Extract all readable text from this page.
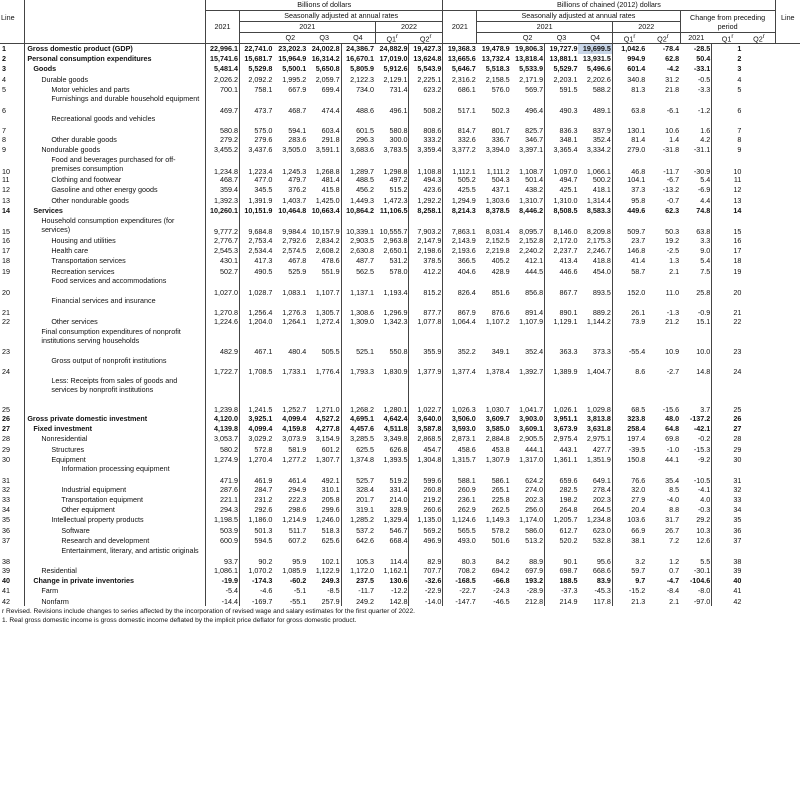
Line		Billions of dollars							Billions of chained (2012) dollars										Line
		2021	Seasonally adjusted at annual rates						2021	Seasonally adjusted at annual rates						Change from preceding period			
			2021				2022			2021				2022					
				Q2	Q3	Q4	Q1$^r$	Q2$^r$			Q2	Q3	Q4	Q1$^r$	Q2$^r$	2021	Q1$^r$	Q2$^r$
1	Gross domestic product (GDP)	22,996.1	22,741.0	23,202.3	24,002.8	24,386.7	24,882.9	19,427.3	19,368.3	19,478.9	19,806.3	19,727.9	19,699.5	1,042.6	-78.4	-28.5	1		
2	Personal consumption expenditures	15,741.6	15,681.7	15,964.9	16,314.2	16,670.1	17,019.0	13,624.8	13,665.6	13,732.4	13,818.4	13,881.1	13,931.5	994.9	62.8	50.4	2		
3	Goods	5,481.4	5,529.8	5,500.1	5,650.8	5,805.9	5,912.6	5,543.9	5,646.7	5,518.3	5,533.9	5,529.7	5,496.6	601.4	-4.2	-33.1	3		
4	Durable goods	2,026.2	2,092.2	1,995.2	2,059.7	2,122.3	2,129.1	2,225.1	2,316.2	2,158.5	2,171.9	2,203.1	2,202.6	340.8	31.2	-0.5	4		
5	Motor vehicles and parts	700.1	758.1	667.9	699.4	734.0	731.4	623.2	686.1	576.0	569.7	591.5	588.2	81.3	21.8	-3.3	5		
6	Furnishings and durable household equipment	469.7	473.7	468.7	474.4	488.6	496.1	508.2	517.1	502.3	496.4	490.3	489.1	63.8	-6.1	-1.2	6		
7	Recreational goods and vehicles	580.8	575.0	594.1	603.4	601.5	580.8	808.6	814.7	801.7	825.7	836.3	837.9	130.1	10.6	1.6	7		
8	Other durable goods	279.2	279.6	283.6	291.8	296.3	300.0	333.2	332.6	336.7	346.7	348.1	352.4	81.4	1.4	4.2	8		
9	Nondurable goods	3,455.2	3,437.6	3,505.0	3,591.1	3,683.6	3,783.5	3,359.4	3,377.2	3,394.0	3,397.1	3,365.4	3,334.2	279.0	-31.8	-31.1	9		
10	Food and beverages purchased for off-premises consumption	1,234.8	1,223.4	1,245.3	1,268.8	1,289.7	1,298.8	1,108.8	1,112.1	1,111.2	1,108.7	1,097.0	1,066.1	46.8	-11.7	-30.9	10		
11	Clothing and footwear	468.7	477.0	479.7	481.4	488.5	497.2	494.3	505.2	504.3	501.4	494.7	500.2	104.1	-6.7	5.4	11		
12	Gasoline and other energy goods	359.4	345.5	376.2	415.8	456.2	515.2	423.6	425.5	437.1	438.2	425.1	418.1	37.3	-13.2	-6.9	12		
13	Other nondurable goods	1,392.3	1,391.9	1,403.7	1,425.0	1,449.3	1,472.3	1,292.2	1,294.9	1,303.6	1,310.7	1,310.0	1,314.4	95.8	-0.7	4.4	13		
14	Services	10,260.1	10,151.9	10,464.8	10,663.4	10,864.2	11,106.5	8,258.1	8,214.3	8,378.5	8,446.2	8,508.5	8,583.3	449.6	62.3	74.8	14		
15	Household consumption expenditures (for services)	9,777.2	9,684.8	9,984.4	10,157.9	10,339.1	10,555.7	7,903.2	7,863.1	8,031.4	8,095.7	8,146.0	8,209.8	509.7	50.3	63.8	15		
16	Housing and utilities	2,776.7	2,753.4	2,792.6	2,834.2	2,903.5	2,963.8	2,147.9	2,143.9	2,152.5	2,152.8	2,172.0	2,175.3	23.7	19.2	3.3	16		
17	Health care	2,545.3	2,534.4	2,574.5	2,608.2	2,630.8	2,650.1	2,198.6	2,193.6	2,219.8	2,240.2	2,237.7	2,246.7	146.8	-2.5	9.0	17		
18	Transportation services	430.1	417.3	467.8	478.6	487.7	531.2	378.5	366.5	405.2	412.1	413.4	418.8	41.4	1.3	5.4	18		
19	Recreation services	502.7	490.5	525.9	551.9	562.5	578.0	412.2	404.6	428.9	444.5	446.6	454.0	58.7	2.1	7.5	19		
20	Food services and accommodations	1,027.0	1,028.7	1,083.1	1,107.7	1,137.1	1,193.4	815.2	826.4	851.6	856.8	867.7	893.5	152.0	11.0	25.8	20		
21	Financial services and insurance	1,270.8	1,256.4	1,276.3	1,305.7	1,308.6	1,296.9	877.7	867.9	876.6	891.4	890.1	889.2	26.1	-1.3	-0.9	21		
22	Other services	1,224.6	1,204.0	1,264.1	1,272.4	1,309.0	1,342.3	1,077.8	1,064.4	1,107.2	1,107.9	1,129.1	1,144.2	73.9	21.2	15.1	22		
23	Final consumption expenditures of nonprofit institutions serving households	482.9	467.1	480.4	505.5	525.1	550.8	355.9	352.2	349.1	352.4	363.3	373.3	-55.4	10.9	10.0	23		
24	Gross output of nonprofit institutions	1,722.7	1,708.5	1,733.1	1,776.4	1,793.3	1,830.9	1,377.9	1,377.4	1,378.4	1,392.7	1,389.9	1,404.7	8.6	-2.7	14.8	24		
25	Less: Receipts from sales of goods and services by nonprofit institutions	1,239.8	1,241.5	1,252.7	1,271.0	1,268.2	1,280.1	1,022.7	1,026.3	1,030.7	1,041.7	1,026.1	1,029.8	68.5	-15.6	3.7	25		
26	Gross private domestic investment	4,120.0	3,925.1	4,099.4	4,527.2	4,695.1	4,642.4	3,640.0	3,506.0	3,609.7	3,903.0	3,951.1	3,813.8	323.8	48.0	-137.2	26		
27	Fixed investment	4,139.8	4,099.4	4,159.8	4,277.8	4,457.6	4,511.8	3,587.8	3,593.0	3,585.0	3,609.1	3,673.9	3,631.8	258.4	64.8	-42.1	27		
28	Nonresidential	3,053.7	3,029.2	3,073.9	3,154.9	3,285.5	3,349.8	2,868.5	2,873.1	2,884.8	2,905.5	2,975.4	2,975.1	197.4	69.8	-0.2	28		
29	Structures	580.2	572.8	581.9	601.2	625.5	626.8	454.7	458.6	453.8	444.1	443.1	427.7	-39.5	-1.0	-15.3	29		
30	Equipment	1,274.9	1,270.4	1,277.2	1,307.7	1,374.8	1,393.5	1,304.8	1,315.7	1,307.9	1,317.0	1,361.1	1,351.9	150.8	44.1	-9.2	30		
31	Information processing equipment	471.9	461.9	461.4	492.1	525.7	519.2	599.6	588.1	586.1	624.2	659.6	649.1	76.6	35.4	-10.5	31		
32	Industrial equipment	287.6	284.7	294.9	310.1	328.4	331.4	260.8	260.9	265.1	274.0	282.5	278.4	32.0	8.5	-4.1	32		
33	Transportation equipment	221.1	231.2	222.3	205.8	201.7	214.0	219.2	236.1	225.8	202.3	198.2	202.3	27.9	-4.0	4.0	33		
34	Other equipment	294.3	292.6	298.6	299.6	319.1	328.9	260.6	262.9	262.5	256.0	264.8	264.5	20.4	8.8	-0.3	34		
35	Intellectual property products	1,198.5	1,186.0	1,214.9	1,246.0	1,285.2	1,329.4	1,135.0	1,124.6	1,149.3	1,174.0	1,205.7	1,234.8	103.6	31.7	29.2	35		
36	Software	503.9	501.3	511.7	518.3	537.2	546.7	569.2	565.5	578.2	586.0	612.7	623.0	66.9	26.7	10.3	36		
37	Research and development	600.9	594.5	607.2	625.6	642.6	668.4	496.9	493.0	501.6	513.2	520.2	532.8	38.1	7.2	12.6	37		
38	Entertainment, literary, and artistic originals	93.7	90.2	95.9	102.1	105.3	114.4	82.9	80.3	84.2	88.9	90.1	95.6	3.2	1.2	5.5	38		
39	Residential	1,086.1	1,070.2	1,085.9	1,122.9	1,172.0	1,162.1	707.7	708.2	694.2	697.9	698.7	668.6	59.7	0.7	-30.1	39		
40	Change in private inventories	-19.9	-174.3	-60.2	249.3	237.5	130.6	-32.6	-168.5	-66.8	193.2	188.5	83.9	9.7	-4.7	-104.6	40		
41	Farm	-5.4	-4.6	-5.1	-8.5	-11.7	-12.2	-22.9	-22.7	-24.3	-28.9	-37.3	-45.3	-15.2	-8.4	-8.0	41		
42	Nonfarm	-14.4	-169.7	-55.1	257.9	249.2	142.8	-14.0	-147.7	-46.5	212.8	214.9	117.8	21.3	2.1	-97.0	42		
r Revised. Revisions include changes to series affected by the incorporation of revised wage and salary estimates for the first quarter of 2022.
1. Real gross domestic income is gross domestic income deflated by the implicit price deflator for gross domestic product.
